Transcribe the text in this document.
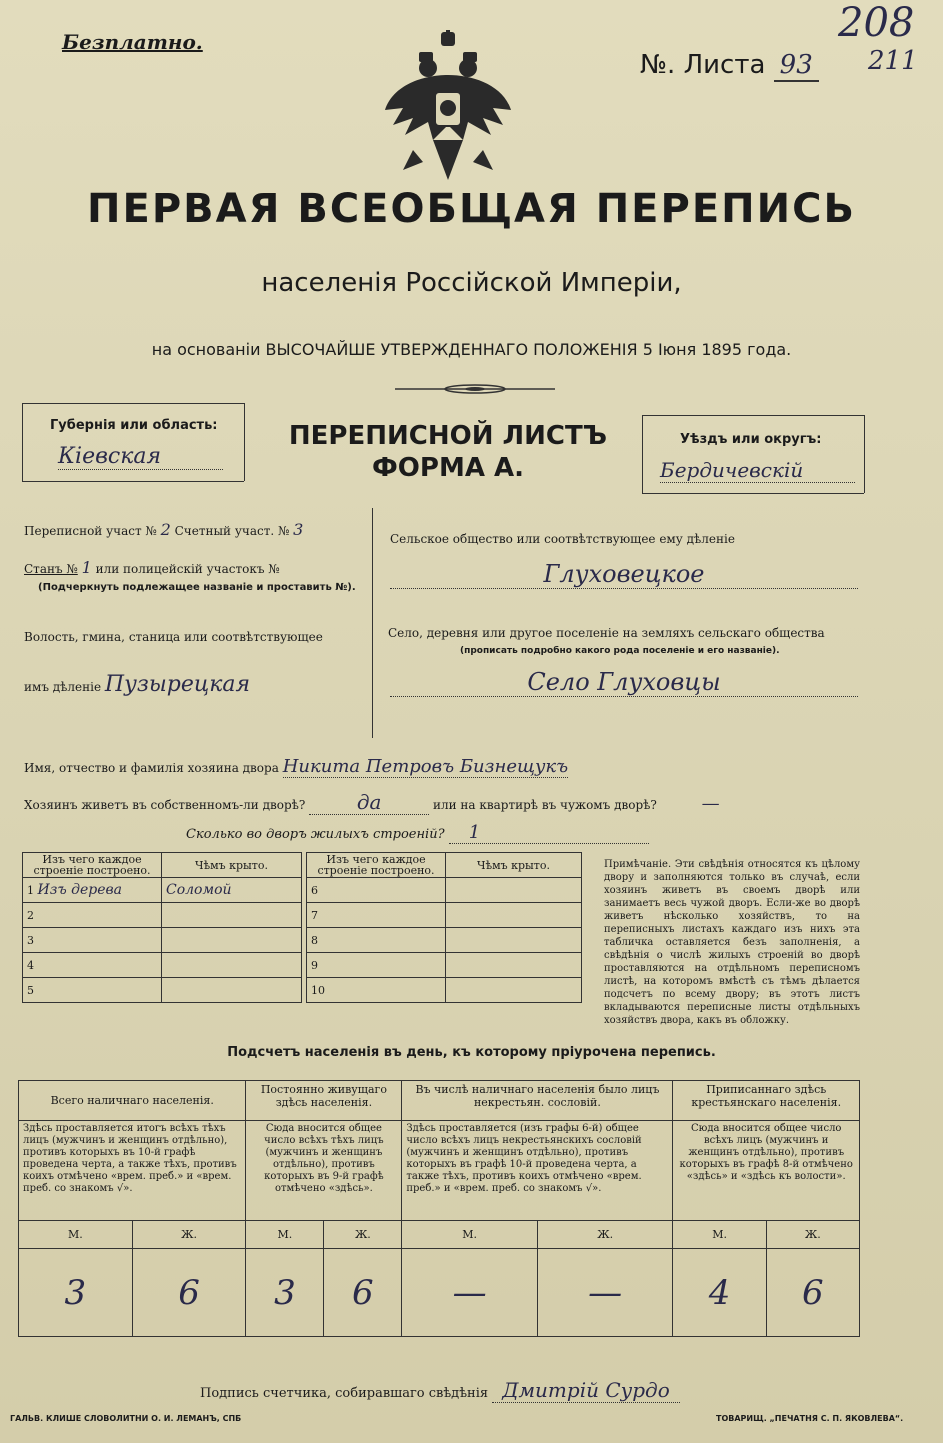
Безплатно.
№. Листа 93
208
211
ПЕРВАЯ ВСЕОБЩАЯ ПЕРЕПИСЬ
населенія Россійской Имперіи,
на основаніи ВЫСОЧАЙШЕ УТВЕРЖДЕННАГО ПОЛОЖЕНІЯ 5 Іюня 1895 года.
Губернія или область:
Кіевская
ПЕРЕПИСНОЙ ЛИСТЪ
ФОРМА А.
Уѣздъ или округъ:
Бердичевскій
Переписной участ № 2 Счетный участ. № 3
Станъ № 1 или полицейскій участокъ №
(Подчеркнуть подлежащее названіе и проставить №).
Волость, гмина, станица или соотвѣтствующее
имъ дѣленіе Пузырецкая
Сельское общество или соотвѣтствующее ему дѣленіе
Глуховецкое
Село, деревня или другое поселеніе на земляхъ сельскаго общества
(прописать подробно какого рода поселеніе и его названіе).
Село Глуховцы
Имя, отчество и фамилія хозяина двора Никита Петровъ Бизнещукъ
Хозяинъ живетъ въ собственномъ-ли дворѣ?	да	или на квартирѣ въ чужомъ дворѣ? —
Сколько во дворъ жилыхъ строеній? 1
Изъ чего каждое строеніе построено.	Чѣмъ крыто.
1 Изъ дерева	Соломой
2	
3	
4	
5	
Изъ чего каждое строеніе построено.	Чѣмъ крыто.
6	
7	
8	
9	
10	
Примѣчаніе. Эти свѣдѣнія относятся къ цѣлому двору и заполняются только въ случаѣ, если хозяинъ живетъ въ своемъ дворѣ или занимаетъ весь чужой дворъ. Если-же во дворѣ живетъ нѣсколько хозяйствъ, то на переписныхъ листахъ каждаго изъ нихъ эта табличка оставляется безъ заполненія, а свѣдѣнія о числѣ жилыхъ строеній во дворѣ проставляются на отдѣльномъ переписномъ листѣ, на которомъ вмѣстѣ съ тѣмъ дѣлается подсчетъ по всему двору; въ этотъ листъ вкладываются переписные листы отдѣльныхъ хозяйствъ двора, какъ въ обложку.
Подсчетъ населенія въ день, къ которому пріурочена перепись.
Всего наличнаго населенія.		Постоянно живущаго здѣсь населенія.		Въ числѣ наличнаго населенія было лицъ некрестьян. сословій.		Приписаннаго здѣсь крестьянскаго населенія.	
Здѣсь проставляется итогъ всѣхъ тѣхъ лицъ (мужчинъ и женщинъ отдѣльно), противъ которыхъ въ 10-й графѣ проведена черта, а также тѣхъ, противъ коихъ отмѣчено «врем. преб.» и «врем. преб. со знакомъ √».		Сюда вносится общее число всѣхъ тѣхъ лицъ (мужчинъ и женщинъ отдѣльно), противъ которыхъ въ 9-й графѣ отмѣчено «здѣсь».		Здѣсь проставляется (изъ графы 6-й) общее число всѣхъ лицъ некрестьянскихъ сословій (мужчинъ и женщинъ отдѣльно), противъ которыхъ въ графѣ 10-й проведена черта, а также тѣхъ, противъ коихъ отмѣчено «врем. преб.» и «врем. преб. со знакомъ √».		Сюда вносится общее число всѣхъ лицъ (мужчинъ и женщинъ отдѣльно), противъ которыхъ въ графѣ 8-й отмѣчено «здѣсь» и «здѣсь къ волости».	
М.	Ж.	М.	Ж.	М.	Ж.	М.	Ж.
3	6	3	6	—	—	4	6
Подпись счетчика, собиравшаго свѣдѣнія Дмитрій Сурдо
ГАЛЬВ. КЛИШЕ СЛОВОЛИТНИ О. И. ЛЕМАНЪ, СПБ	ТОВАРИЩ. „ПЕЧАТНЯ С. П. ЯКОВЛЕВА“.
